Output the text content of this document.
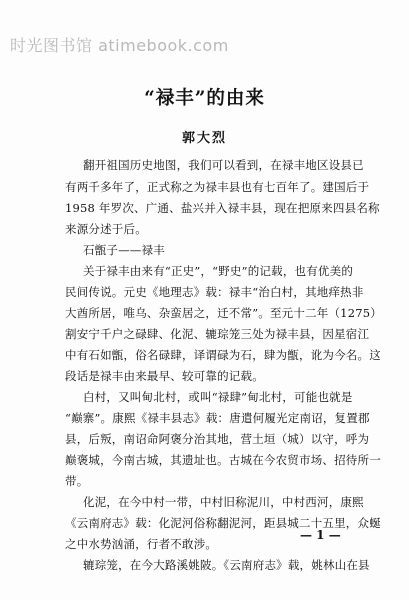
时光图书馆 atimebook.com
“禄丰”的由来
郭大烈
翻开祖国历史地图，我们可以看到，在禄丰地区设县已
有两千多年了，正式称之为禄丰县也有七百年了。建国后于
1958 年罗次、广通、盐兴并入禄丰县，现在把原来四县名称
来源分述于后。
石甑子——禄丰
关于禄丰由来有“正史”，“野史”的记载，也有优美的
民间传说。元史《地理志》载：禄丰“治白村，其地痒热非
大酋所居，唯乌、杂蛮居之，迁不常”。至元十二年（1275）
割安宁千户之碌肆、化泥、辘琮笼三处为禄丰县，因星宿江
中有石如甑，俗名碌肆，译谓碌为石，肆为甑，讹为今名。这
段话是禄丰由来最早、较可靠的记载。
白村，又叫甸北村，或叫“禄肆”甸北村，可能也就是
“巅寨”。康熙《禄丰县志》载：唐遣何履光定南诏，复置郡
县，后叛，南诏命阿褒分治其地，营土垣（城）以守，呼为
巅褒城，今南古城，其遗址也。古城在今农贸市场、招待所一
带。
化泥，在今中村一带，中村旧称泥川，中村西河，康熙
《云南府志》载：化泥河俗称翻泥河，距县城二十五里，众蜒
之中水势汹涌，行者不敢涉。
辘琮笼，在今大路溪姚陂。《云南府志》载，姚林山在县
— 1 —
